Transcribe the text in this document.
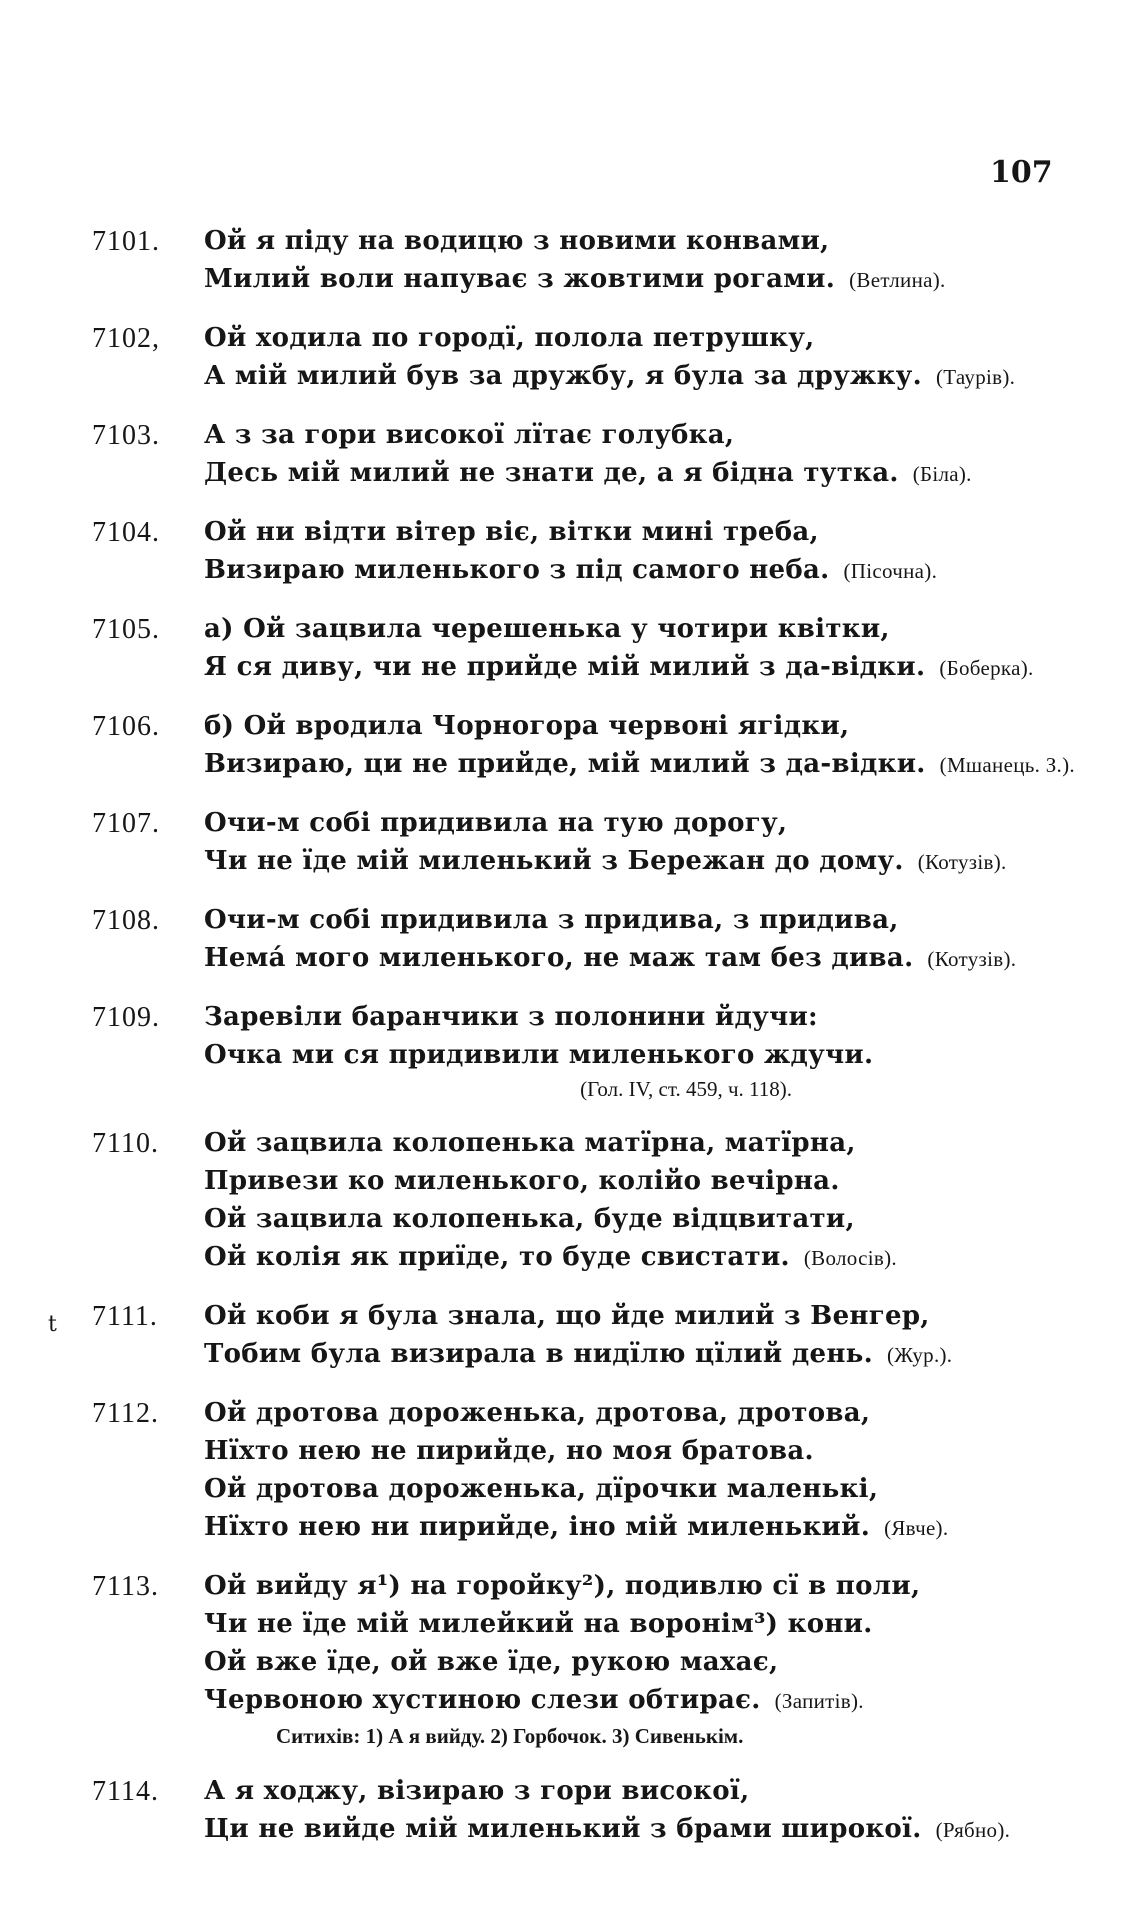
107
t
7101.	Ой я піду на водицю з новими конвами,
Милий воли напуває з жовтими рогами. (Ветлина).
7102,	Ой ходила по городї, полола петрушку,
А мій милий був за дружбу, я була за дружку. (Таурів).
7103.	А з за гори високої лїтає голубка,
Десь мій милий не знати де, а я бідна тутка. (Біла).
7104.	Ой ни відти вітер віє, вітки мині треба,
Визираю миленького з під самого неба. (Пісочна).
7105.	а) Ой зацвила черешенька у чотири квітки,
Я ся диву, чи не прийде мій милий з да-відки. (Боберка).
7106.	б) Ой вродила Чорногора червоні ягідки,
Визираю, ци не прийде, мій милий з да-відки. (Мшанець. З.).
7107.	Очи-м собі придивила на тую дорогу,
Чи не їде мій миленький з Бережан до дому. (Котузів).
7108.	Очи-м собі придивила з придива, з придива,
Немá мого миленького, не маж там без дива. (Котузів).
7109.	Заревіли баранчики з полонини йдучи:
Очка ми ся придивили миленького ждучи.
(Гол. IV, ст. 459, ч. 118).
7110.	Ой зацвила колопенька матїрна, матїрна,
Привези ко миленького, колійо вечірна.
Ой зацвила колопенька, буде відцвитати,
Ой колія як приїде, то буде свистати. (Волосів).
7111.	Ой коби я була знала, що йде милий з Венгер,
Тобим була визирала в нидїлю цїлий день. (Жур.).
7112.	Ой дротова дороженька, дротова, дротова,
Нїхто нею не пирийде, но моя братова.
Ой дротова дороженька, дїрочки маленькі,
Нїхто нею ни пирийде, іно мій миленький. (Явче).
7113.	Ой вийду я¹) на горойку²), подивлю сї в поли,
Чи не їде мій милейкий на воронім³) кони.
Ой вже їде, ой вже їде, рукою махає,
Червоною хустиною слези обтирає. (Запитів).
Ситихів: 1) А я вийду. 2) Горбочок. 3) Сивенькім.
7114.	А я ходжу, візираю з гори високої,
Ци не вийде мій миленький з брами широкої. (Рябно).
